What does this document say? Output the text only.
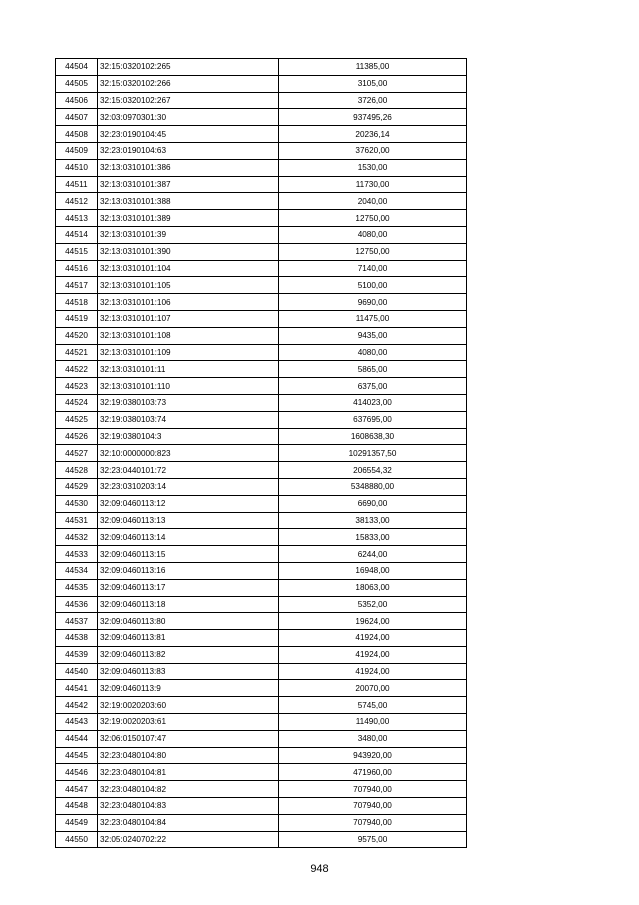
44504	32:15:0320102:265	11385,00
44505	32:15:0320102:266	3105,00
44506	32:15:0320102:267	3726,00
44507	32:03:0970301:30	937495,26
44508	32:23:0190104:45	20236,14
44509	32:23:0190104:63	37620,00
44510	32:13:0310101:386	1530,00
44511	32:13:0310101:387	11730,00
44512	32:13:0310101:388	2040,00
44513	32:13:0310101:389	12750,00
44514	32:13:0310101:39	4080,00
44515	32:13:0310101:390	12750,00
44516	32:13:0310101:104	7140,00
44517	32:13:0310101:105	5100,00
44518	32:13:0310101:106	9690,00
44519	32:13:0310101:107	11475,00
44520	32:13:0310101:108	9435,00
44521	32:13:0310101:109	4080,00
44522	32:13:0310101:11	5865,00
44523	32:13:0310101:110	6375,00
44524	32:19:0380103:73	414023,00
44525	32:19:0380103:74	637695,00
44526	32:19:0380104:3	1608638,30
44527	32:10:0000000:823	10291357,50
44528	32:23:0440101:72	206554,32
44529	32:23:0310203:14	5348880,00
44530	32:09:0460113:12	6690,00
44531	32:09:0460113:13	38133,00
44532	32:09:0460113:14	15833,00
44533	32:09:0460113:15	6244,00
44534	32:09:0460113:16	16948,00
44535	32:09:0460113:17	18063,00
44536	32:09:0460113:18	5352,00
44537	32:09:0460113:80	19624,00
44538	32:09:0460113:81	41924,00
44539	32:09:0460113:82	41924,00
44540	32:09:0460113:83	41924,00
44541	32:09:0460113:9	20070,00
44542	32:19:0020203:60	5745,00
44543	32:19:0020203:61	11490,00
44544	32:06:0150107:47	3480,00
44545	32:23:0480104:80	943920,00
44546	32:23:0480104:81	471960,00
44547	32:23:0480104:82	707940,00
44548	32:23:0480104:83	707940,00
44549	32:23:0480104:84	707940,00
44550	32:05:0240702:22	9575,00
948
